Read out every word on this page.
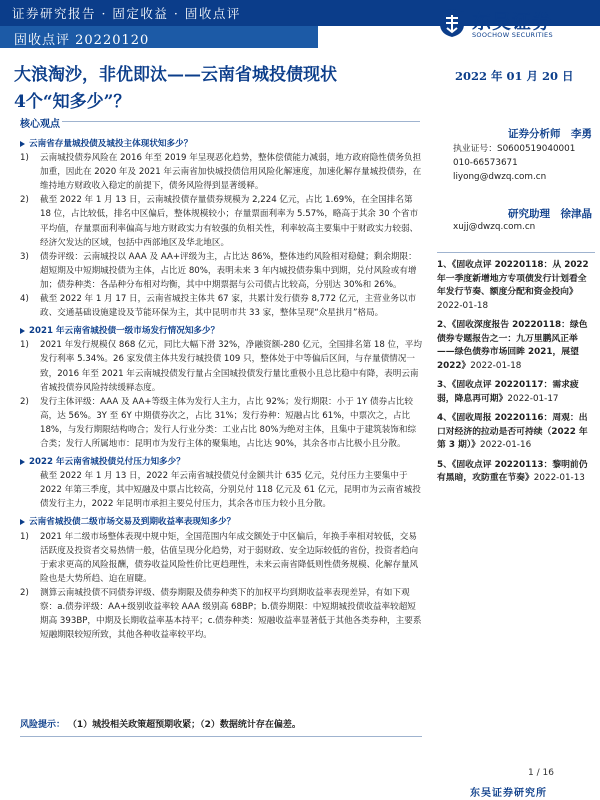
证券研究报告 · 固定收益 · 固收点评
固收点评 20220120
东吴证券
SOOCHOW SECURITIES
大浪淘沙，非优即汰——云南省城投债现状
4个“知多少”？
2022 年 01 月 20 日
核心观点
云南省存量城投债及城投主体现状知多少？
1) 云南城投债券风险在 2016 年至 2019 年呈现恶化趋势，整体偿债能力减弱，地方政府隐性债务负担加重，因此在 2020 年及 2021 年云南省加快城投债信用风险化解速度，加速化解存量城投债券，在维持地方财政收入稳定的前提下，债务风险得到显著缓释。
2) 截至 2022 年 1 月 13 日，云南城投债存量债券规模为 2,224 亿元，占比 1.69%，在全国排名第 18 位，占比较低，排名中区偏后，整体规模较小；存量票面利率为 5.57%，略高于其余 30 个省市平均值，存量票面利率偏高与地方财政实力有较强的负相关性，利率较高主要集中于财政实力较弱、经济欠发达的区域，包括中西部地区及华北地区。
3) 债券评级：云南城投以 AAA 及 AA+评级为主，占比达 86%，整体违约风险相对稳健；剩余期限：超短期及中短期城投债为主体，占比近 80%，表明未来 3 年内城投债券集中到期，兑付风险或有增加；债券种类：各品种分布相对均衡，其中中期票据与公司债占比较高，分别达 30%和 26%。
4) 截至 2022 年 1 月 17 日，云南省城投主体共 67 家，共累计发行债券 8,772 亿元，主营业务以市政、交通基础设施建设及节能环保为主，其中昆明市共 33 家，整体呈现“众星拱月”格局。
2021 年云南省城投债一级市场发行情况知多少？
1) 2021 年发行规模仅 868 亿元，同比大幅下滑 32%，净融资额-280 亿元，全国排名第 18 位，平均发行利率 5.34%。26 家发债主体共发行城投债 109 只，整体处于中等偏后区间，与存量债情况一致，2016 年至 2021 年云南城投债发行量占全国城投债发行量比重极小且总比稳中有降，表明云南省城投债券风险持续缓释态度。
2) 发行主体评级：AAA 及 AA+等级主体为发行人主力，占比 92%；发行期限：小于 1Y 债券占比较高，达 56%。3Y 至 6Y 中期债券次之，占比 31%；发行券种：短融占比 61%，中票次之，占比 18%，与发行期限结构吻合；发行人行业分类：工业占比 80%为绝对主体，且集中于建筑装饰和综合类；发行人所属地市：昆明市为发行主体的聚集地，占比达 90%，其余各市占比极小且分散。
2022 年云南省城投债兑付压力知多少？
截至 2022 年 1 月 13 日，2022 年云南省城投债兑付金额共计 635 亿元，兑付压力主要集中于 2022 年第三季度，其中短融及中票占比较高，分别兑付 118 亿元及 61 亿元，昆明市为云南省城投债发行主力，2022 年昆明市承担主要兑付压力，其余各市压力较小且分散。
云南省城投债二级市场交易及到期收益率表现知多少？
1) 2021 年二级市场整体表现中规中矩，全国范围内年成交额处于中区偏后，年换手率相对较低，交易活跃度及投资者交易热情一般，估值呈现分化趋势，对于弱财政、安全边际较低的省份，投资者趋向于索求更高的风险报酬，债券收益风险性价比更趋理性，未来云南省降低则性债务规模、化解存量风险也是大势所趋、迫在眉睫。
2) 测算云南城投债不同债券评级、债券期限及债券种类下的加权平均到期收益率表现差异，有如下观察：a.债券评级：AA+级别收益率较 AAA 级别高 68BP；b.债券期限：中短期城投债收益率较超短期高 393BP，中期及长期收益率基本持平；c.债券种类：短融收益率显著低于其他各类券种，主要系短融期限较短所致，其他各种收益率较平均。
风险提示： （1）城投相关政策超预期收紧；（2）数据统计存在偏差。
证券分析师　李勇
执业证号：S0600519040001
010-66573671
liyong@dwzq.com.cn
研究助理　徐津晶
xujj@dwzq.com.cn
1、《固收点评 20220118：从 2022 年一季度新增地方专项债发行计划看全年发行节奏、额度分配和资金投向》2022-01-18
2、《固收深度报告 20220118：绿色债券专题报告之一：九万里鹏风正举　——绿色债券市场回眸 2021，展望 2022》2022-01-18
3、《固收点评 20220117：需求疲弱，降息再可期》2022-01-17
4、《固收周报 20220116：周观：出口对经济的拉动是否可持续（2022 年第 3 期）》2022-01-16
5、《固收点评 20220113：黎明前仍有黑暗，攻防重在节奏》2022-01-13
1 / 16
东吴证券研究所
